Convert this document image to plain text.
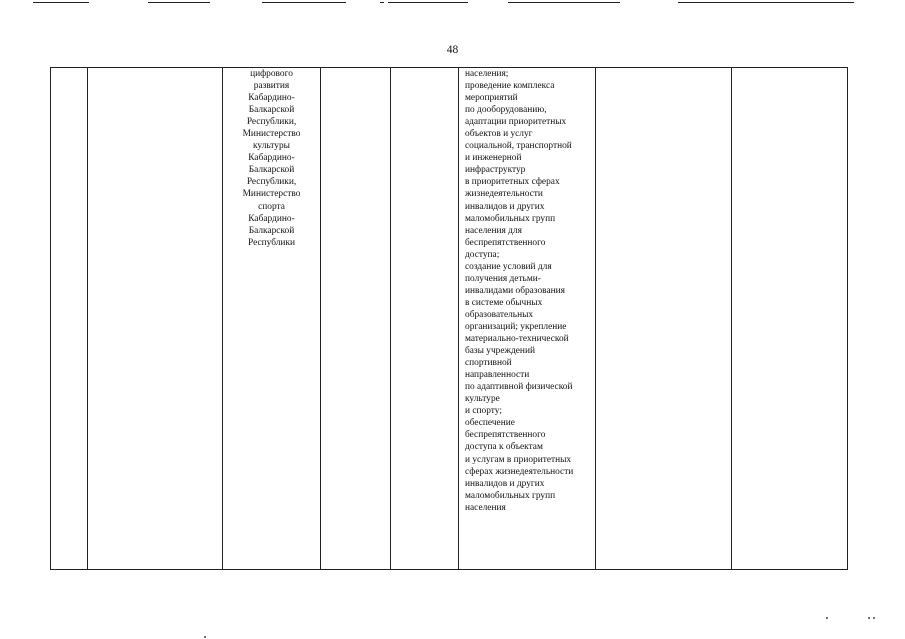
48

цифрового
развития
Кабардино-
Балкарской
Республики,
Министерство
культуры
Кабардино-
Балкарской
Республики,
Министерство
спорта
Кабардино-
Балкарской
Республики

населения;
проведение комплекса
мероприятий
по дооборудованию,
адаптации приоритетных
объектов и услуг
социальной, транспортной
и инженерной
инфраструктур
в приоритетных сферах
жизнедеятельности
инвалидов и других
маломобильных групп
населения для
беспрепятственного
доступа;
создание условий для
получения детьми-
инвалидами образования
в системе обычных
образовательных
организаций; укрепление
материально-технической
базы учреждений
спортивной
направленности
по адаптивной физической
культуре
и спорту;
обеспечение
беспрепятственного
доступа к объектам
и услугам в приоритетных
сферах жизнедеятельности
инвалидов и других
маломобильных групп
населения
